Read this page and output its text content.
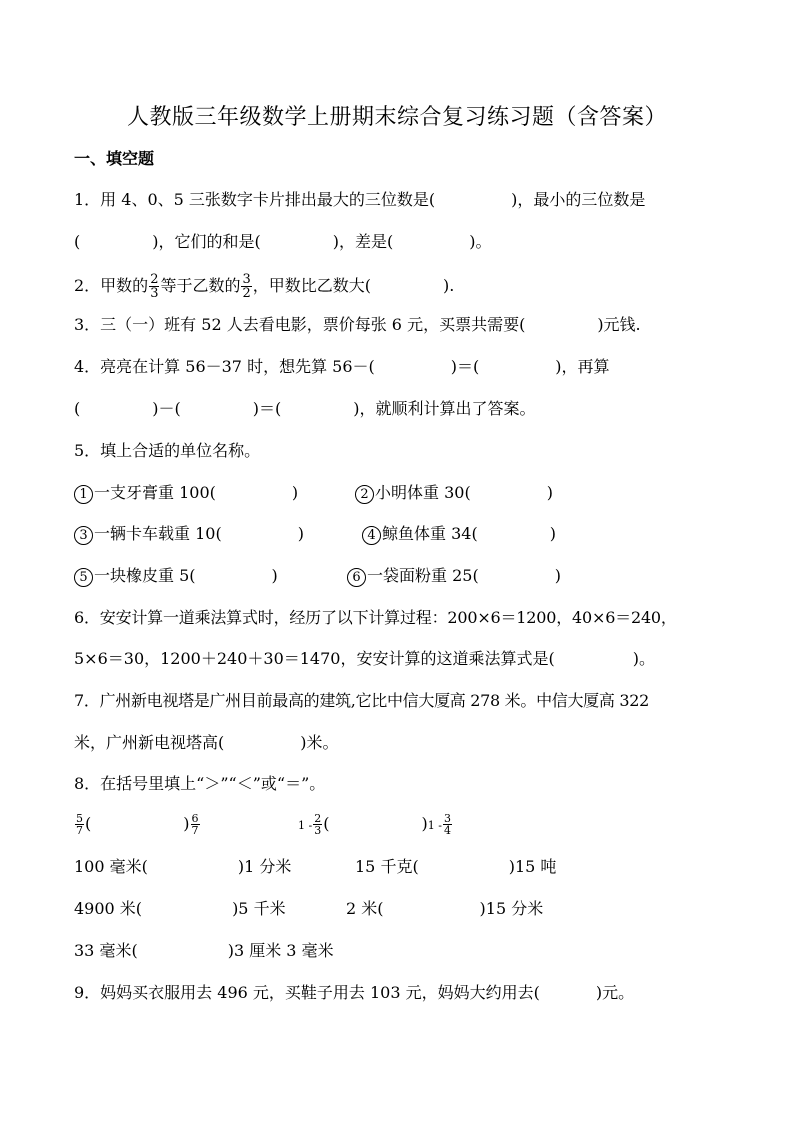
人教版三年级数学上册期末综合复习练习题（含答案）
一、填空题
1．用 4、0、5 三张数字卡片排出最大的三位数是(	)，最小的三位数是
(	)，它们的和是(	)，差是(	)。
2．甲数的 $\frac{2}{3}$ 等于乙数的 $\frac{3}{2}$ ，甲数比乙数大(	).
3．三（一）班有 52 人去看电影，票价每张 6 元，买票共需要(	)元钱.
4．亮亮在计算 56－37 时，想先算 56－(	)＝(	)，再算
(	)－(	)＝(	)，就顺利计算出了答案。
5．填上合适的单位名称。
1 一支牙膏重 100(	)	2 小明体重 30(	)
3 一辆卡车载重 10(	)	4 鲸鱼体重 34(	)
5 一块橡皮重 5(	)	6 一袋面粉重 25(	)
6．安安计算一道乘法算式时，经历了以下计算过程：200×6＝1200，40×6＝240，
5×6＝30，1200＋240＋30＝1470，安安计算的这道乘法算式是(	)。
7．广州新电视塔是广州目前最高的建筑,它比中信大厦高 278 米。中信大厦高 322
米，广州新电视塔高(	)米。
8．在括号里填上“＞”“＜”或“＝”。
$\frac{5}{7}$ (	) $\frac{6}{7}$	$1 - \frac{2}{3}$ (	)$1 - \frac{3}{4}$
100 毫米(	)1 分米	15 千克(	)15 吨
4900 米(	)5 千米	2 米(	)15 分米
33 毫米(	)3 厘米 3 毫米
9．妈妈买衣服用去 496 元，买鞋子用去 103 元，妈妈大约用去(	)元。
